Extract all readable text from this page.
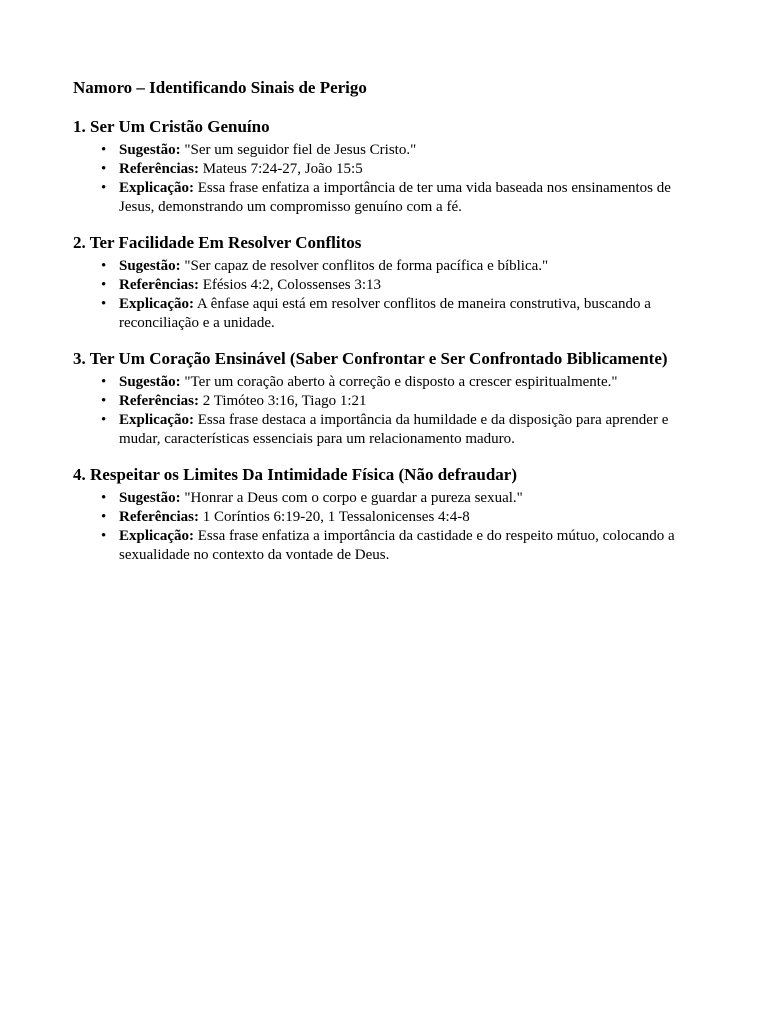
Namoro – Identificando Sinais de Perigo
1. Ser Um Cristão Genuíno
• Sugestão: "Ser um seguidor fiel de Jesus Cristo."
• Referências: Mateus 7:24-27, João 15:5
• Explicação: Essa frase enfatiza a importância de ter uma vida baseada nos ensinamentos de Jesus, demonstrando um compromisso genuíno com a fé.
2. Ter Facilidade Em Resolver Conflitos
• Sugestão: "Ser capaz de resolver conflitos de forma pacífica e bíblica."
• Referências: Efésios 4:2, Colossenses 3:13
• Explicação: A ênfase aqui está em resolver conflitos de maneira construtiva, buscando a reconciliação e a unidade.
3. Ter Um Coração Ensinável (Saber Confrontar e Ser Confrontado Biblicamente)
• Sugestão: "Ter um coração aberto à correção e disposto a crescer espiritualmente."
• Referências: 2 Timóteo 3:16, Tiago 1:21
• Explicação: Essa frase destaca a importância da humildade e da disposição para aprender e mudar, características essenciais para um relacionamento maduro.
4. Respeitar os Limites Da Intimidade Física (Não defraudar)
• Sugestão: "Honrar a Deus com o corpo e guardar a pureza sexual."
• Referências: 1 Coríntios 6:19-20, 1 Tessalonicenses 4:4-8
• Explicação: Essa frase enfatiza a importância da castidade e do respeito mútuo, colocando a sexualidade no contexto da vontade de Deus.
